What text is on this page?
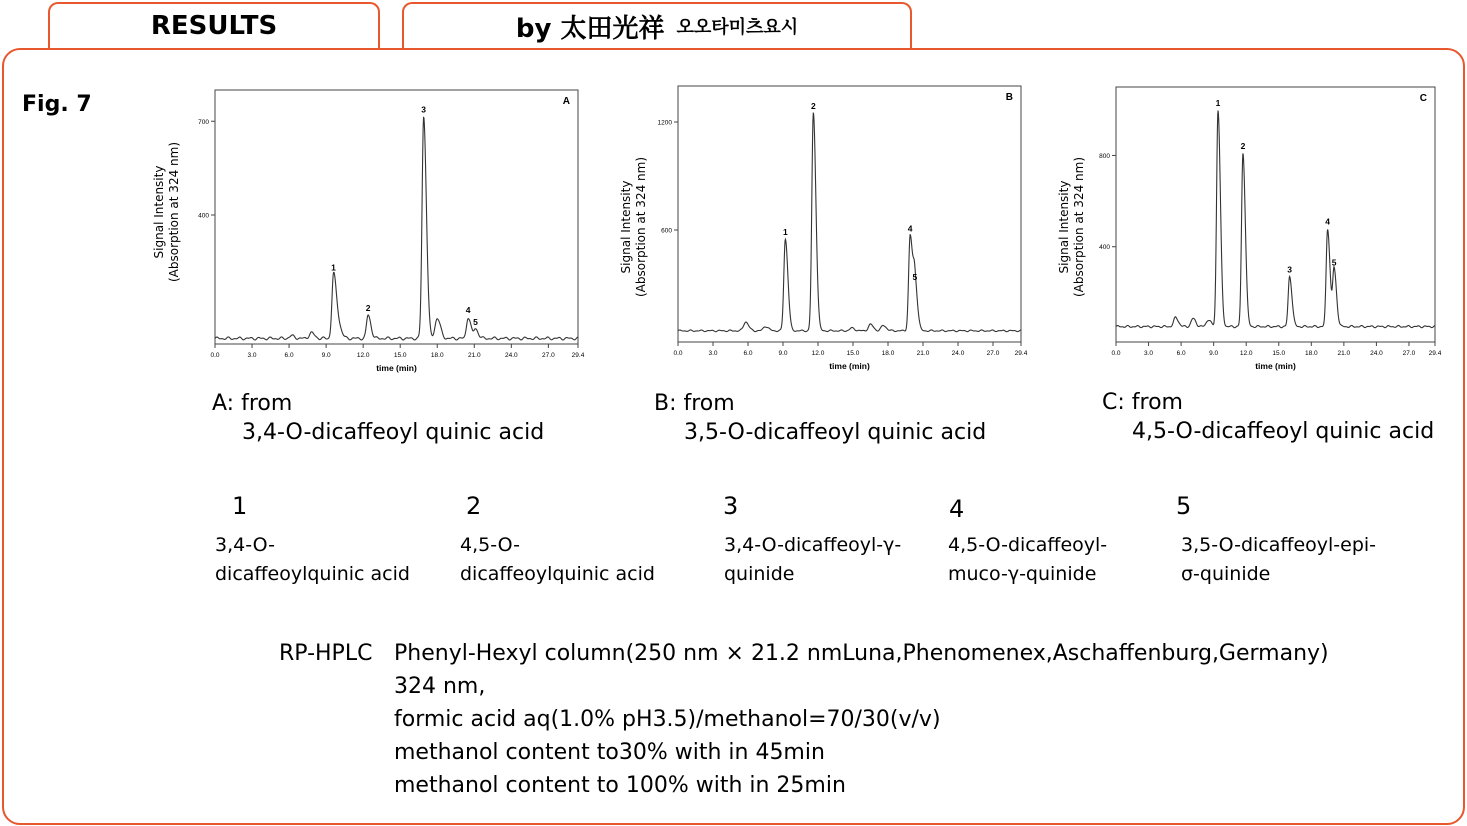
RESULTS	by 太田光祥 오오타미츠요시
Fig. 7
Signal Intensity (Absorption at 324 nm)
A
0.0	3.0	6.0	9.0	12.0	15.0	18.0	21.0	24.0	27.0	29.4
time (min)
400
700
1
2
3
4
5
Signal Intensity (Absorption at 324 nm)
B
0.0	3.0	6.0	9.0	12.0	15.0	18.0	21.0	24.0	27.0 29.4
time (min)
600
1200
1
2
4
5
Signal Intensity (Absorption at 324 nm)
C
0.0	3.0	6.0	9.0	12.0	15.0	18.0	21.0	24.0	27.0 29.4
time (min)
400
800
1
2
3
4
5
A: from
3,4-O-dicaffeoyl quinic acid
B: from
3,5-O-dicaffeoyl quinic acid
C: from
4,5-O-dicaffeoyl quinic acid
1
3,4-O-
dicaffeoylquinic acid
2
4,5-O-
dicaffeoylquinic acid
3
3,4-O-dicaffeoyl-γ-
quinide
4
4,5-O-dicaffeoyl-
muco-γ-quinide
5
3,5-O-dicaffeoyl-epi-
σ-quinide
RP-HPLC Phenyl-Hexyl column(250 nm × 21.2 nmLuna,Phenomenex,Aschaffenburg,Germany)
324 nm,
formic acid aq(1.0% pH3.5)/methanol=70/30(v/v)
methanol content to30% with in 45min
methanol content to 100% with in 25min
